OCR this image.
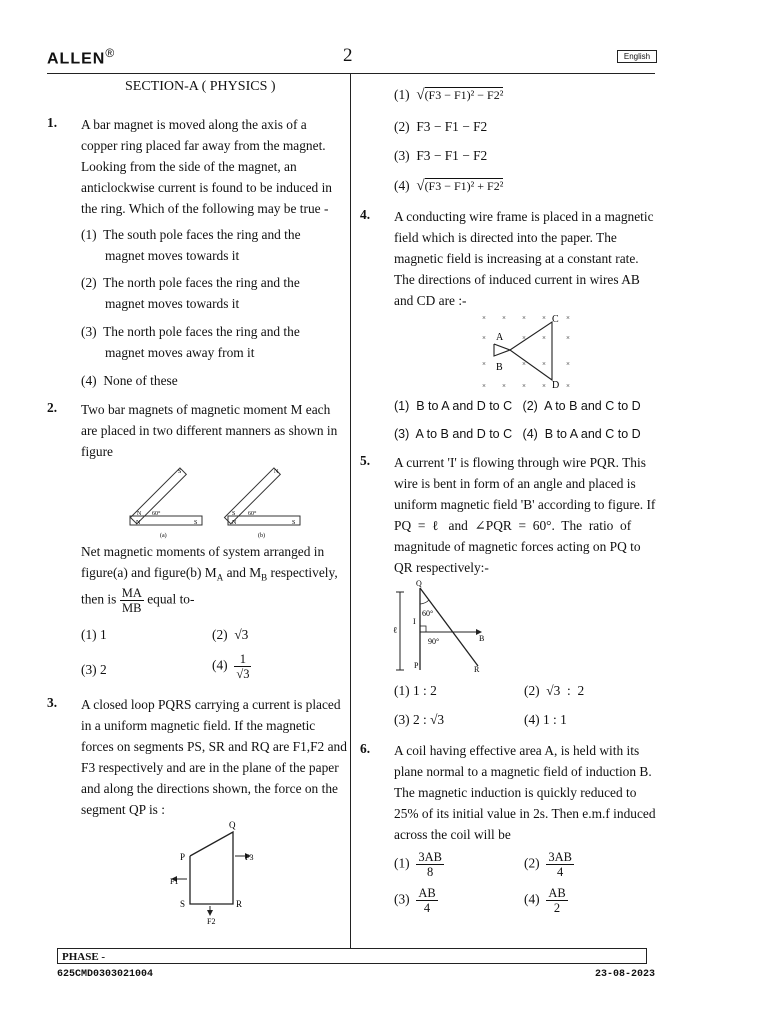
ALLEN®	2	English
SECTION-A ( PHYSICS )
1. A bar magnet is moved along the axis of a
copper ring placed far away from the magnet.
Looking from the side of the magnet, an
anticlockwise current is found to be induced in
the ring. Which of the following may be true -
(1) The south pole faces the ring and the
magnet moves towards it
(2) The north pole faces the ring and the
magnet moves towards it
(3) The north pole faces the ring and the
magnet moves away from it
(4) None of these
2. Two bar magnets of magnetic moment M each
are placed in two different manners as shown in
figure
N	S
S
N 60°
(a)
N	S
N
S 60°
(b)
Net magnetic moments of system arranged in
figure(a) and figure(b) $M_A$ and $M_B$ respectively,
then is $\frac{MA}{MB}$ equal to-
(1) 1	(2) √3
(3) 2	$(4) \frac{1}{√3}$
3. A closed loop PQRS carrying a current is placed
in a uniform magnetic field. If the magnetic
forces on segments PS, SR and RQ are F1,F2 and
F3 respectively and are in the plane of the paper
and along the directions shown, the force on the
segment QP is :
P
Q
R
S
F1
F2
F3
(1) √(F3 − F1)² − F2²
(2) F3 − F1 − F2
(3) F3 − F1 − F2
(4) √(F3 − F1)² + F2²
4. A conducting wire frame is placed in a magnetic
field which is directed into the paper. The
magnetic field is increasing at a constant rate.
The directions of induced current in wires AB
and CD are :-
× × × ×	×
×	× ×	×
×	× ×	×
× × × ×	×
A
B
C
D
(1)  B to A and D to C   (2)  A to B and C to D
(3)  A to B and D to C   (4)  B to A and C to D
5. A current 'I' is flowing through wire PQR. This
wire is bent in form of an angle and placed is
uniform magnetic field 'B' according to figure. If
PQ  =  ℓ   and  ∠PQR  =  60°.  The  ratio  of
magnitude of magnetic forces acting on PQ to
QR respectively:-
Q
P	R
B
I
ℓ
60°
90°
(1) 1 : 2	(2)  √3  :  2
(3) 2 : √3	(4) 1 : 1
6. A coil having effective area A, is held with its
plane normal to a magnetic field of induction B.
The magnetic induction is quickly reduced to
25% of its initial value in 2s. Then e.m.f induced
across the coil will be
$(1) \frac{3AB}{8}$	$(2) \frac{3AB}{4}$
$(3) \frac{AB}{4}$	$(4) \frac{AB}{2}$
PHASE -
625CMD0303021004	23-08-2023
